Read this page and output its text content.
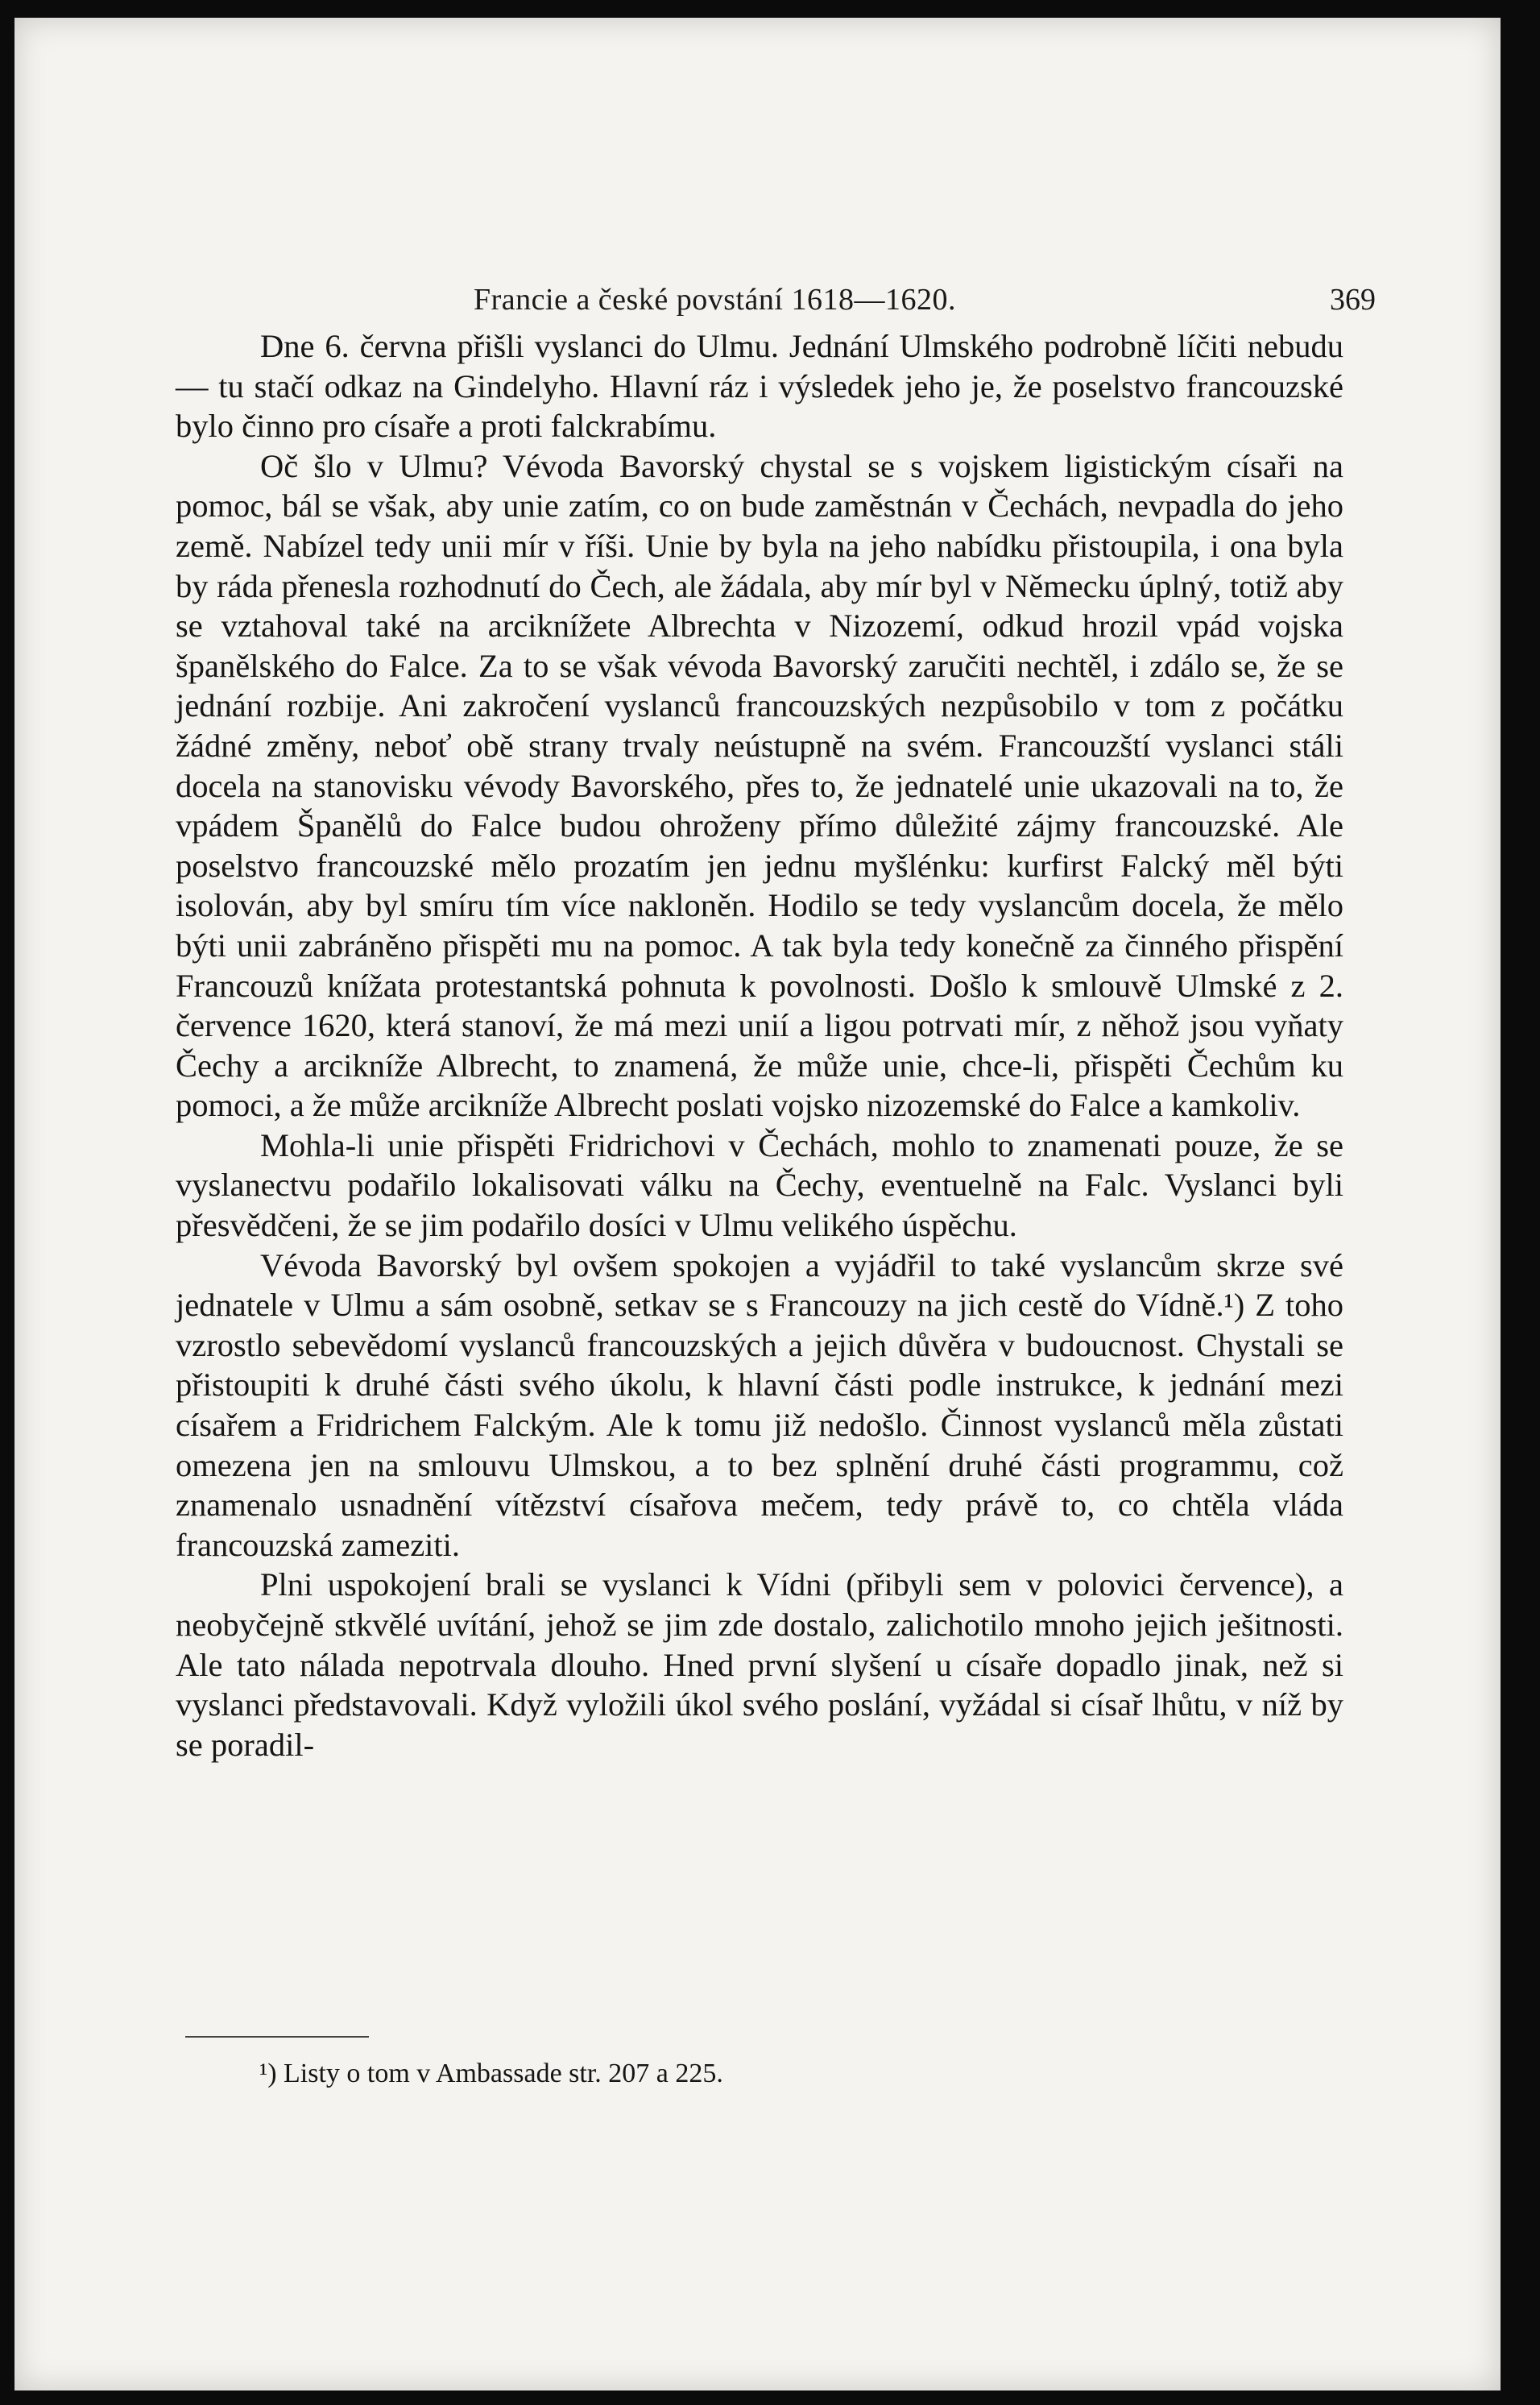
Francie a české povstání 1618—1620.	369

Dne 6. června přišli vyslanci do Ulmu. Jednání Ulmského podrobně líčiti nebudu — tu stačí odkaz na Gindelyho. Hlavní ráz i výsledek jeho je, že poselstvo francouzské bylo činno pro císaře a proti falckrabímu.

Oč šlo v Ulmu? Vévoda Bavorský chystal se s vojskem ligistickým císaři na pomoc, bál se však, aby unie zatím, co on bude zaměstnán v Čechách, nevpadla do jeho země. Nabízel tedy unii mír v říši. Unie by byla na jeho nabídku přistoupila, i ona byla by ráda přenesla rozhodnutí do Čech, ale žádala, aby mír byl v Německu úplný, totiž aby se vztahoval také na arciknížete Albrechta v Nizozemí, odkud hrozil vpád vojska španělského do Falce. Za to se však vévoda Bavorský zaručiti nechtěl, i zdálo se, že se jednání rozbije. Ani zakročení vyslanců francouzských nezpůsobilo v tom z počátku žádné změny, neboť obě strany trvaly neústupně na svém. Francouzští vyslanci stáli docela na stanovisku vévody Bavorského, přes to, že jednatelé unie ukazovali na to, že vpádem Španělů do Falce budou ohroženy přímo důležité zájmy francouzské. Ale poselstvo francouzské mělo prozatím jen jednu myšlénku: kurfirst Falcký měl býti isolován, aby byl smíru tím více nakloněn. Hodilo se tedy vyslancům docela, že mělo býti unii zabráněno přispěti mu na pomoc. A tak byla tedy konečně za činného přispění Francouzů knížata protestantská pohnuta k povolnosti. Došlo k smlouvě Ulmské z 2. července 1620, která stanoví, že má mezi unií a ligou potrvati mír, z něhož jsou vyňaty Čechy a arcikníže Albrecht, to znamená, že může unie, chce-li, přispěti Čechům ku pomoci, a že může arcikníže Albrecht poslati vojsko nizozemské do Falce a kamkoliv.

Mohla-li unie přispěti Fridrichovi v Čechách, mohlo to znamenati pouze, že se vyslanectvu podařilo lokalisovati válku na Čechy, eventuelně na Falc. Vyslanci byli přesvědčeni, že se jim podařilo dosíci v Ulmu velikého úspěchu.

Vévoda Bavorský byl ovšem spokojen a vyjádřil to také vyslancům skrze své jednatele v Ulmu a sám osobně, setkav se s Francouzy na jich cestě do Vídně.¹) Z toho vzrostlo sebevědomí vyslanců francouzských a jejich důvěra v budoucnost. Chystali se přistoupiti k druhé části svého úkolu, k hlavní části podle instrukce, k jednání mezi císařem a Fridrichem Falckým. Ale k tomu již nedošlo. Činnost vyslanců měla zůstati omezena jen na smlouvu Ulmskou, a to bez splnění druhé části programmu, což znamenalo usnadnění vítězství císařova mečem, tedy právě to, co chtěla vláda francouzská zameziti.

Plni uspokojení brali se vyslanci k Vídni (přibyli sem v polovici července), a neobyčejně stkvělé uvítání, jehož se jim zde dostalo, zalichotilo mnoho jejich ješitnosti. Ale tato nálada nepotrvala dlouho. Hned první slyšení u císaře dopadlo jinak, než si vyslanci představovali. Když vyložili úkol svého poslání, vyžádal si císař lhůtu, v níž by se poradil-

¹) Listy o tom v Ambassade str. 207 a 225.
